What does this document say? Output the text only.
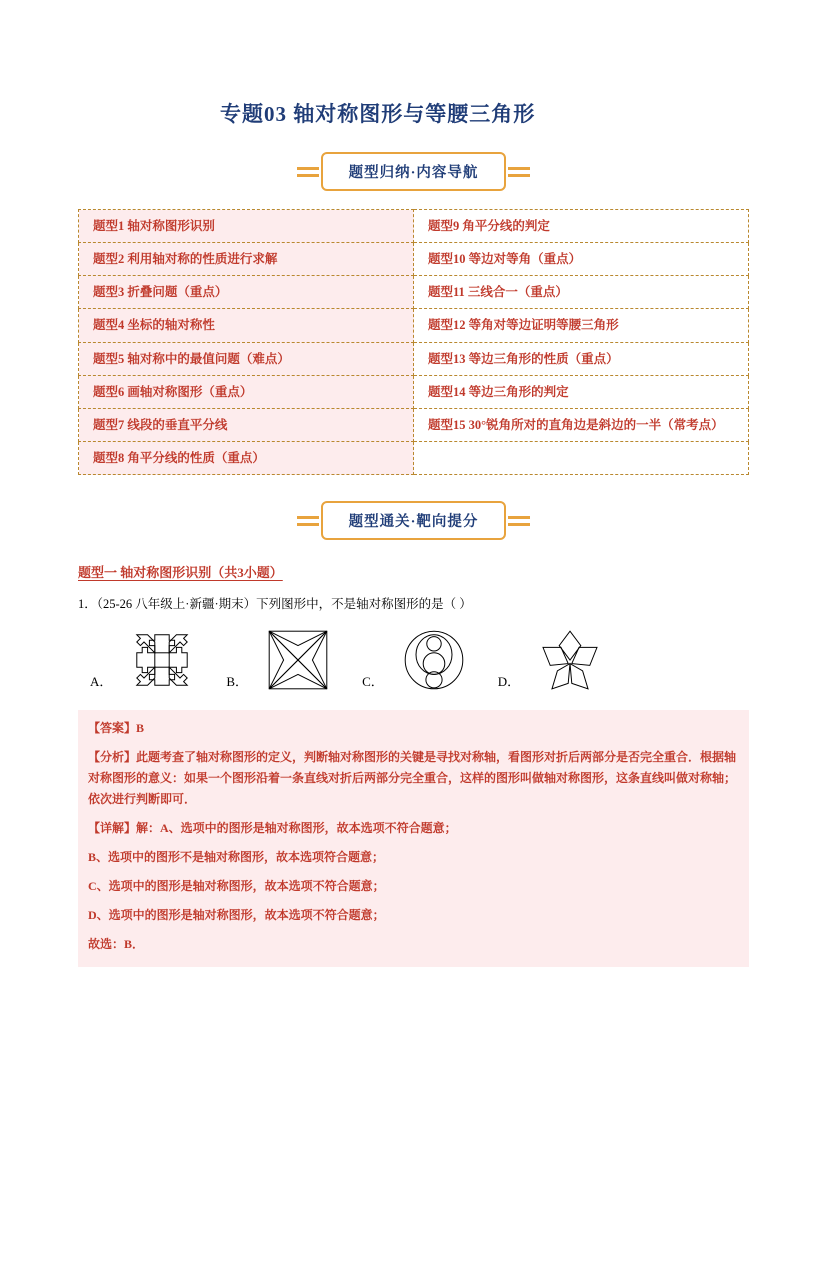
专题03 轴对称图形与等腰三角形
题型归纳·内容导航
题型1 轴对称图形识别	题型9 角平分线的判定
题型2 利用轴对称的性质进行求解	题型10 等边对等角（重点）
题型3 折叠问题（重点）	题型11 三线合一（重点）
题型4 坐标的轴对称性	题型12 等角对等边证明等腰三角形
题型5 轴对称中的最值问题（难点）	题型13 等边三角形的性质（重点）
题型6 画轴对称图形（重点）	题型14 等边三角形的判定
题型7 线段的垂直平分线	题型15 30°锐角所对的直角边是斜边的一半（常考点）
题型8 角平分线的性质（重点）	
题型通关·靶向提分
题型一 轴对称图形识别（共3小题）
1．（25-26 八年级上·新疆·期末）下列图形中，不是轴对称图形的是（ ）
A．	B．	C．	D．

【答案】B

【分析】此题考查了轴对称图形的定义，判断轴对称图形的关键是寻找对称轴，看图形对折后两部分是否完全重合．根据轴对称图形的意义：如果一个图形沿着一条直线对折后两部分完全重合，这样的图形叫做轴对称图形，这条直线叫做对称轴；依次进行判断即可．

【详解】解：A、选项中的图形是轴对称图形，故本选项不符合题意；

B、选项中的图形不是轴对称图形，故本选项符合题意；

C、选项中的图形是轴对称图形，故本选项不符合题意；

D、选项中的图形是轴对称图形，故本选项不符合题意；

故选：B．
